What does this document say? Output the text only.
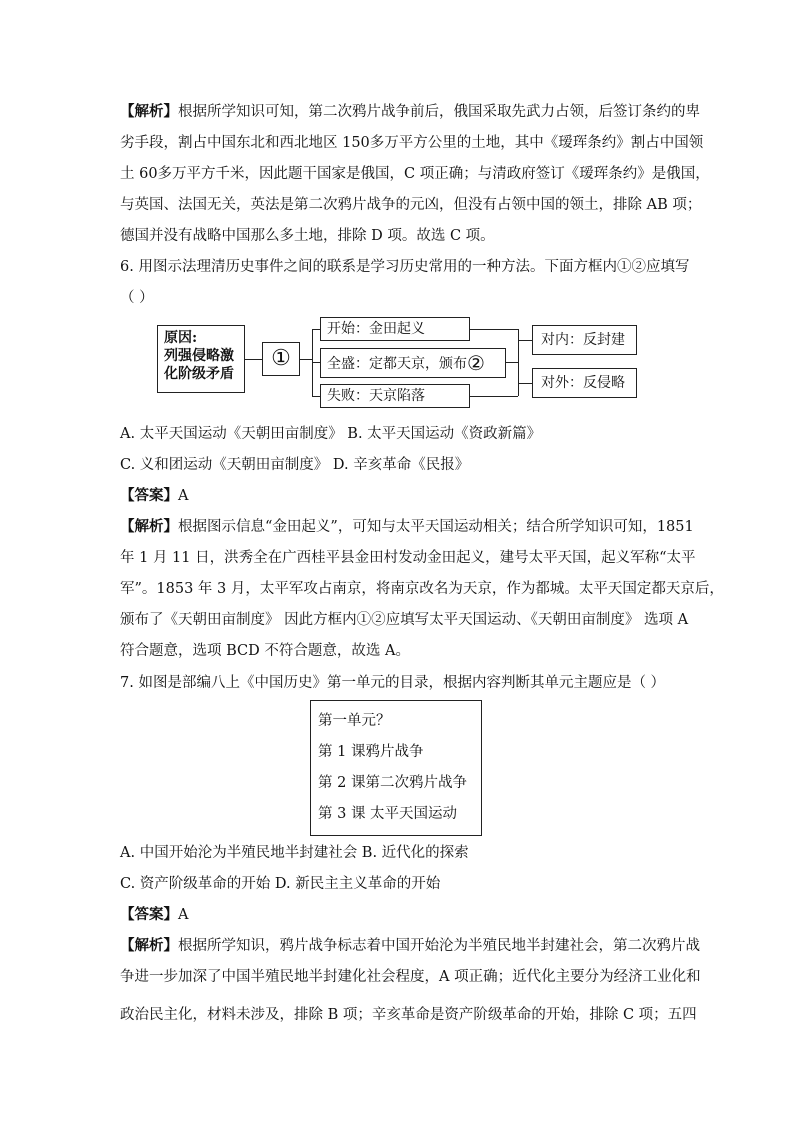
【解析】根据所学知识可知，第二次鸦片战争前后，俄国采取先武力占领，后签订条约的卑
劣手段，割占中国东北和西北地区 150多万平方公里的土地，其中《瑷珲条约》割占中国领
土 60多万平方千米，因此题干国家是俄国，C 项正确；与清政府签订《瑷珲条约》是俄国，
与英国、法国无关，英法是第二次鸦片战争的元凶，但没有占领中国的领土，排除 AB 项；
德国并没有战略中国那么多土地，排除 D 项。故选 C 项。
6. 用图示法理清历史事件之间的联系是学习历史常用的一种方法。下面方框内①②应填写
（ ）
原因:
列强侵略激
化阶级矛盾
①
开始：金田起义
全盛：定都天京，颁布②
失败：天京陷落
对内：反封建
对外：反侵略
A. 太平天国运动《天朝田亩制度》 B. 太平天国运动《资政新篇》
C. 义和团运动《天朝田亩制度》 D. 辛亥革命《民报》
【答案】A
【解析】根据图示信息“金田起义”，可知与太平天国运动相关；结合所学知识可知，1851
年 1 月 11 日，洪秀全在广西桂平县金田村发动金田起义，建号太平天国，起义军称“太平
军”。1853 年 3 月，太平军攻占南京，将南京改名为天京，作为都城。太平天国定都天京后，
颁布了《天朝田亩制度》 因此方框内①②应填写太平天国运动、《天朝田亩制度》 选项 A
符合题意，选项 BCD 不符合题意，故选 A。
7. 如图是部编八上《中国历史》第一单元的目录，根据内容判断其单元主题应是（ ）
第一单元？
第 1 课鸦片战争
第 2 课第二次鸦片战争
第 3 课 太平天国运动
A. 中国开始沦为半殖民地半封建社会 B. 近代化的探索
C. 资产阶级革命的开始 D. 新民主主义革命的开始
【答案】A
【解析】根据所学知识，鸦片战争标志着中国开始沦为半殖民地半封建社会，第二次鸦片战
争进一步加深了中国半殖民地半封建化社会程度，A 项正确；近代化主要分为经济工业化和
政治民主化，材料未涉及，排除 B 项；辛亥革命是资产阶级革命的开始，排除 C 项；五四
